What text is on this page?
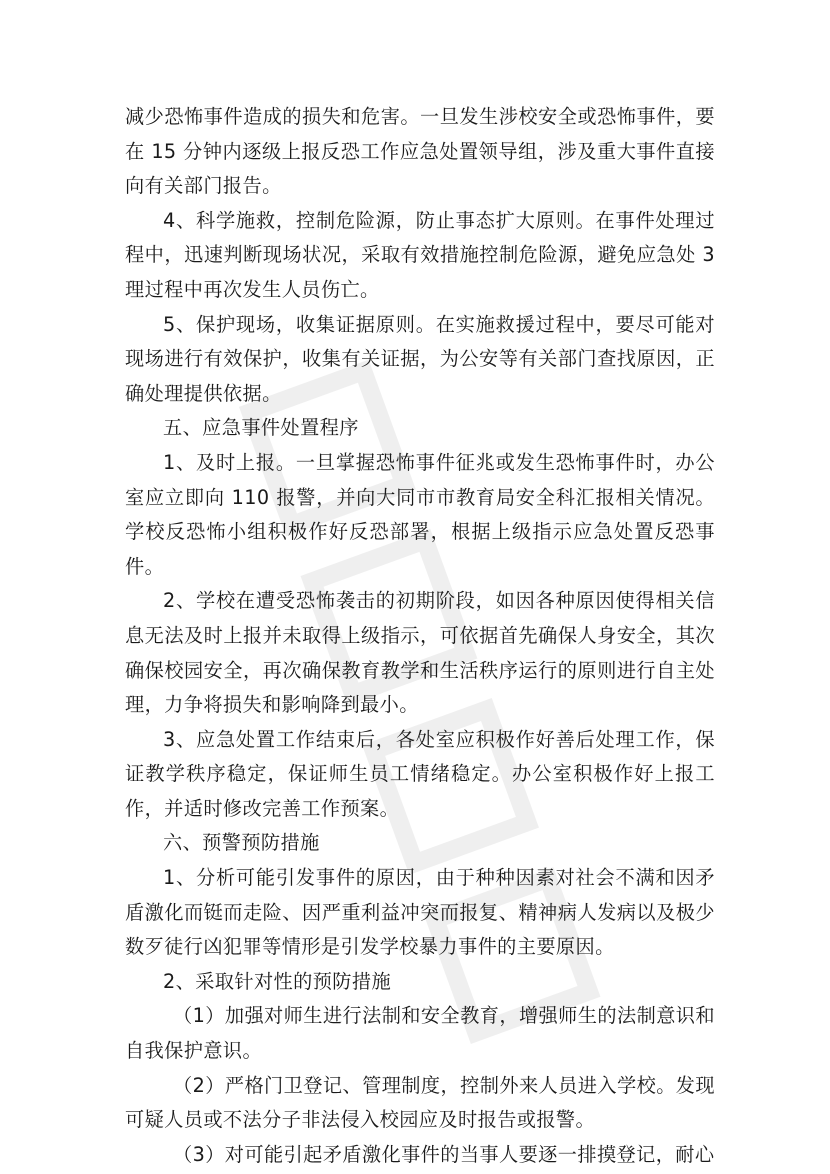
减少恐怖事件造成的损失和危害。一旦发生涉校安全或恐怖事件，要在 15 分钟内逐级上报反恐工作应急处置领导组，涉及重大事件直接向有关部门报告。

4、科学施救，控制危险源，防止事态扩大原则。在事件处理过程中，迅速判断现场状况，采取有效措施控制危险源，避免应急处 3 理过程中再次发生人员伤亡。

5、保护现场，收集证据原则。在实施救援过程中，要尽可能对现场进行有效保护，收集有关证据，为公安等有关部门查找原因，正确处理提供依据。

五、应急事件处置程序

1、及时上报。一旦掌握恐怖事件征兆或发生恐怖事件时，办公室应立即向 110 报警，并向大同市市教育局安全科汇报相关情况。学校反恐怖小组积极作好反恐部署，根据上级指示应急处置反恐事件。

2、学校在遭受恐怖袭击的初期阶段，如因各种原因使得相关信息无法及时上报并未取得上级指示，可依据首先确保人身安全，其次确保校园安全，再次确保教育教学和生活秩序运行的原则进行自主处理，力争将损失和影响降到最小。

3、应急处置工作结束后，各处室应积极作好善后处理工作，保证教学秩序稳定，保证师生员工情绪稳定。办公室积极作好上报工作，并适时修改完善工作预案。

六、预警预防措施

1、分析可能引发事件的原因，由于种种因素对社会不满和因矛盾激化而铤而走险、因严重利益冲突而报复、精神病人发病以及极少数歹徒行凶犯罪等情形是引发学校暴力事件的主要原因。

2、采取针对性的预防措施

（1）加强对师生进行法制和安全教育，增强师生的法制意识和自我保护意识。

（2）严格门卫登记、管理制度，控制外来人员进入学校。发现可疑人员或不法分子非法侵入校园应及时报告或报警。

（3）对可能引起矛盾激化事件的当事人要逐一排摸登记，耐心
